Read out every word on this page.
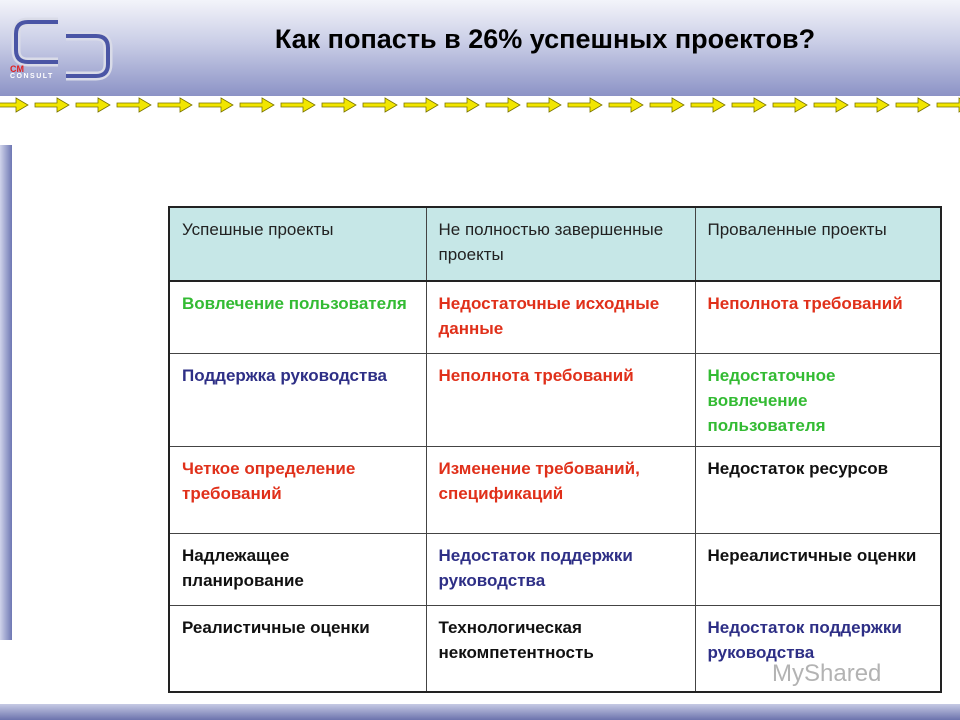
CM
CONSULT
Как попасть в 26% успешных проектов?
Успешные проекты	Не полностью завершенные проекты	Проваленные проекты
Вовлечение пользователя	Недостаточные исходные данные	Неполнота требований
Поддержка руководства	Неполнота требований	Недостаточное вовлечение пользователя
Четкое определение требований	Изменение требований, спецификаций	Недостаток ресурсов
Надлежащее планирование	Недостаток поддержки руководства	Нереалистичные оценки
Реалистичные оценки	Технологическая некомпетентность	Недостаток поддержки руководства
MyShared
